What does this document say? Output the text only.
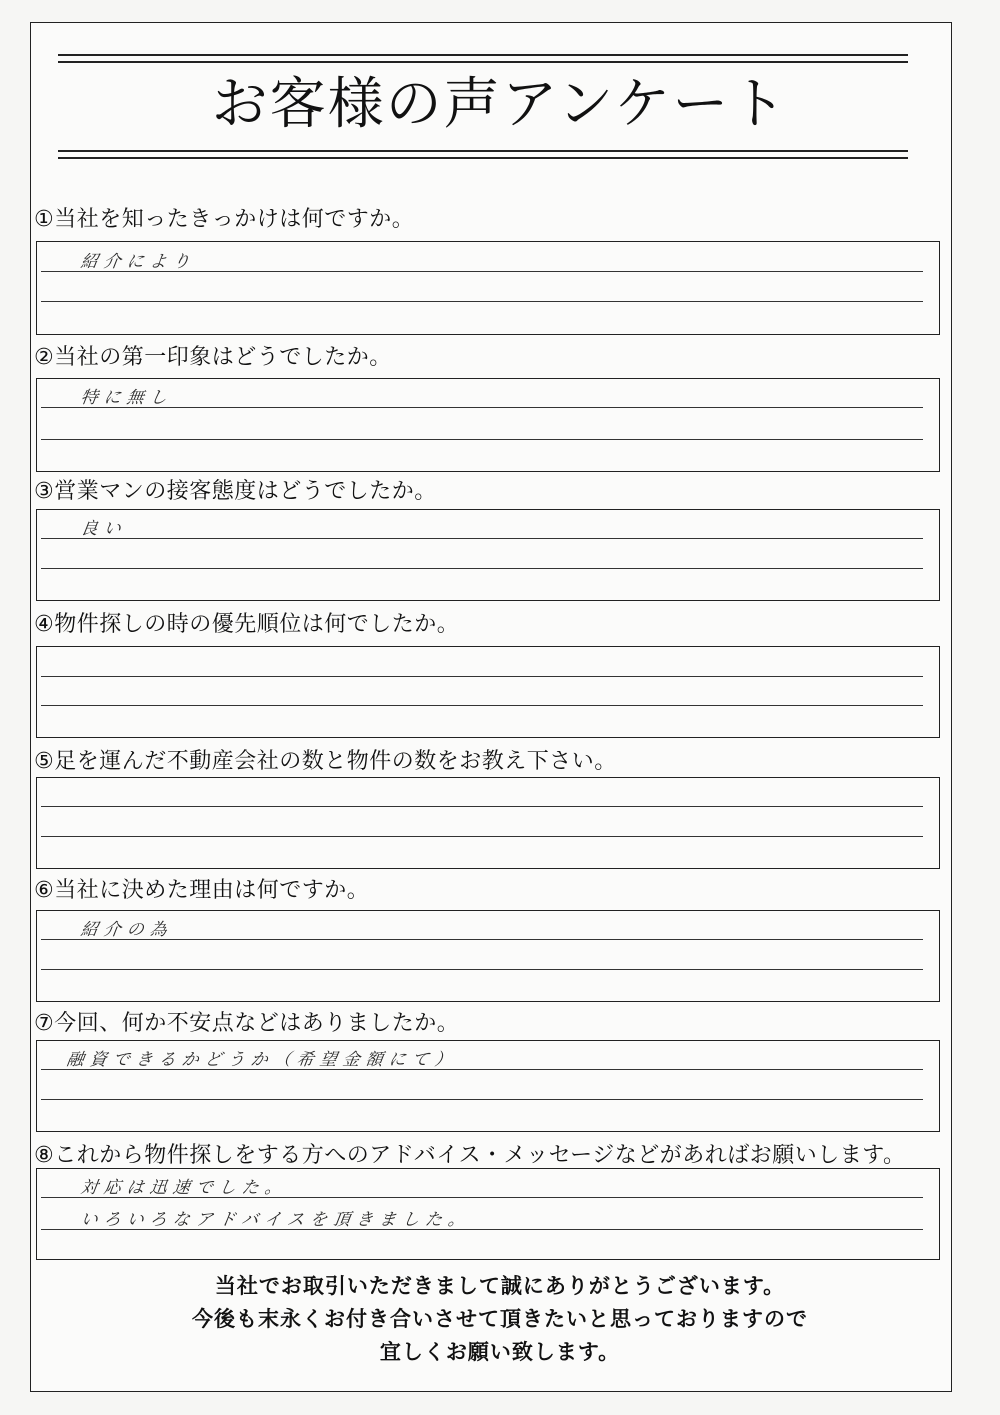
お客様の声アンケート
①当社を知ったきっかけは何ですか。
紹介により
②当社の第一印象はどうでしたか。
特に無し
③営業マンの接客態度はどうでしたか。
良い
④物件探しの時の優先順位は何でしたか。
⑤足を運んだ不動産会社の数と物件の数をお教え下さい。
⑥当社に決めた理由は何ですか。
紹介の為
⑦今回、何か不安点などはありましたか。
融資できるかどうか（希望金額にて）
⑧これから物件探しをする方へのアドバイス・メッセージなどがあればお願いします。
対応は迅速でした。
いろいろなアドバイスを頂きました。
当社でお取引いただきまして誠にありがとうございます。
今後も末永くお付き合いさせて頂きたいと思っておりますので
宜しくお願い致します。
